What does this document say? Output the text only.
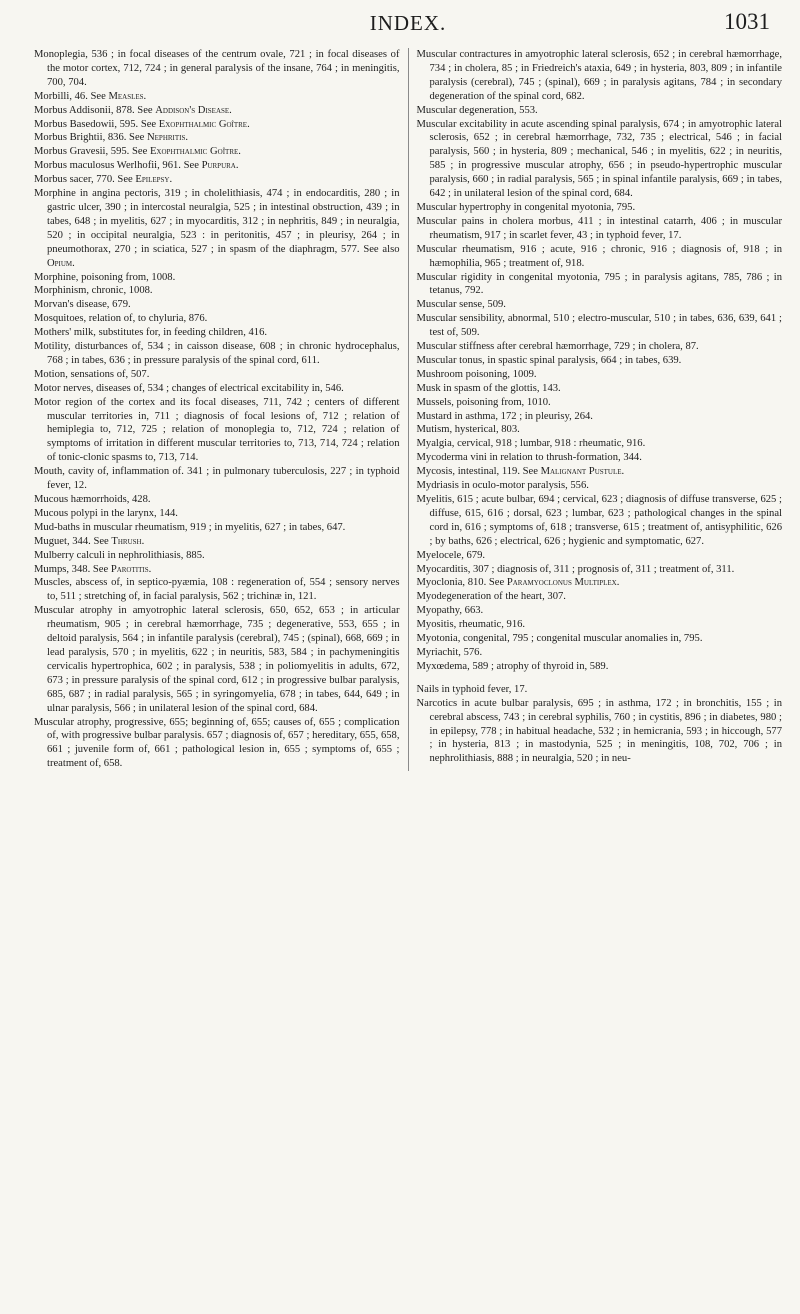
INDEX.	1031

Monoplegia, 536 ; in focal diseases of the centrum ovale, 721 ; in focal diseases of the motor cortex, 712, 724 ; in general paralysis of the insane, 764 ; in meningitis, 700, 704.

Morbilli, 46. See Measles.

Morbus Addisonii, 878. See Addison's Disease.

Morbus Basedowii, 595. See Exophthalmic Goître.

Morbus Brightii, 836. See Nephritis.

Morbus Gravesii, 595. See Exophthalmic Goître.

Morbus maculosus Werlhofii, 961. See Purpura.

Morbus sacer, 770. See Epilepsy.

Morphine in angina pectoris, 319 ; in cholelithiasis, 474 ; in endocarditis, 280 ; in gastric ulcer, 390 ; in intercostal neuralgia, 525 ; in intestinal obstruction, 439 ; in tabes, 648 ; in myelitis, 627 ; in myocarditis, 312 ; in nephritis, 849 ; in neuralgia, 520 ; in occipital neuralgia, 523 : in peritonitis, 457 ; in pleurisy, 264 ; in pneumothorax, 270 ; in sciatica, 527 ; in spasm of the diaphragm, 577. See also Opium.

Morphine, poisoning from, 1008.

Morphinism, chronic, 1008.

Morvan's disease, 679.

Mosquitoes, relation of, to chyluria, 876.

Mothers' milk, substitutes for, in feeding children, 416.

Motility, disturbances of, 534 ; in caisson disease, 608 ; in chronic hydrocephalus, 768 ; in tabes, 636 ; in pressure paralysis of the spinal cord, 611.

Motion, sensations of, 507.

Motor nerves, diseases of, 534 ; changes of electrical excitability in, 546.

Motor region of the cortex and its focal diseases, 711, 742 ; centers of different muscular territories in, 711 ; diagnosis of focal lesions of, 712 ; relation of hemiplegia to, 712, 725 ; relation of monoplegia to, 712, 724 ; relation of symptoms of irritation in different muscular territories to, 713, 714, 724 ; relation of tonic-clonic spasms to, 713, 714.

Mouth, cavity of, inflammation of. 341 ; in pulmonary tuberculosis, 227 ; in typhoid fever, 12.

Mucous hæmorrhoids, 428.

Mucous polypi in the larynx, 144.

Mud-baths in muscular rheumatism, 919 ; in myelitis, 627 ; in tabes, 647.

Muguet, 344. See Thrush.

Mulberry calculi in nephrolithiasis, 885.

Mumps, 348. See Parotitis.

Muscles, abscess of, in septico-pyæmia, 108 : regeneration of, 554 ; sensory nerves to, 511 ; stretching of, in facial paralysis, 562 ; trichinæ in, 121.

Muscular atrophy in amyotrophic lateral sclerosis, 650, 652, 653 ; in articular rheumatism, 905 ; in cerebral hæmorrhage, 735 ; degenerative, 553, 655 ; in deltoid paralysis, 564 ; in infantile paralysis (cerebral), 745 ; (spinal), 668, 669 ; in lead paralysis, 570 ; in myelitis, 622 ; in neuritis, 583, 584 ; in pachymeningitis cervicalis hypertrophica, 602 ; in paralysis, 538 ; in poliomyelitis in adults, 672, 673 ; in pressure paralysis of the spinal cord, 612 ; in progressive bulbar paralysis, 685, 687 ; in radial paralysis, 565 ; in syringomyelia, 678 ; in tabes, 644, 649 ; in ulnar paralysis, 566 ; in unilateral lesion of the spinal cord, 684.

Muscular atrophy, progressive, 655; beginning of, 655; causes of, 655 ; complication of, with progressive bulbar paralysis. 657 ; diagnosis of, 657 ; hereditary, 655, 658, 661 ; juvenile form of, 661 ; pathological lesion in, 655 ; symptoms of, 655 ; treatment of, 658.

Muscular contractures in amyotrophic lateral sclerosis, 652 ; in cerebral hæmorrhage, 734 ; in cholera, 85 ; in Friedreich's ataxia, 649 ; in hysteria, 803, 809 ; in infantile paralysis (cerebral), 745 ; (spinal), 669 ; in paralysis agitans, 784 ; in secondary degeneration of the spinal cord, 682.

Muscular degeneration, 553.

Muscular excitability in acute ascending spinal paralysis, 674 ; in amyotrophic lateral sclerosis, 652 ; in cerebral hæmorrhage, 732, 735 ; electrical, 546 ; in facial paralysis, 560 ; in hysteria, 809 ; mechanical, 546 ; in myelitis, 622 ; in neuritis, 585 ; in progressive muscular atrophy, 656 ; in pseudo-hypertrophic muscular paralysis, 660 ; in radial paralysis, 565 ; in spinal infantile paralysis, 669 ; in tabes, 642 ; in unilateral lesion of the spinal cord, 684.

Muscular hypertrophy in congenital myotonia, 795.

Muscular pains in cholera morbus, 411 ; in intestinal catarrh, 406 ; in muscular rheumatism, 917 ; in scarlet fever, 43 ; in typhoid fever, 17.

Muscular rheumatism, 916 ; acute, 916 ; chronic, 916 ; diagnosis of, 918 ; in hæmophilia, 965 ; treatment of, 918.

Muscular rigidity in congenital myotonia, 795 ; in paralysis agitans, 785, 786 ; in tetanus, 792.

Muscular sense, 509.

Muscular sensibility, abnormal, 510 ; electro-muscular, 510 ; in tabes, 636, 639, 641 ; test of, 509.

Muscular stiffness after cerebral hæmorrhage, 729 ; in cholera, 87.

Muscular tonus, in spastic spinal paralysis, 664 ; in tabes, 639.

Mushroom poisoning, 1009.

Musk in spasm of the glottis, 143.

Mussels, poisoning from, 1010.

Mustard in asthma, 172 ; in pleurisy, 264.

Mutism, hysterical, 803.

Myalgia, cervical, 918 ; lumbar, 918 : rheumatic, 916.

Mycoderma vini in relation to thrush-formation, 344.

Mycosis, intestinal, 119. See Malignant Pustule.

Mydriasis in oculo-motor paralysis, 556.

Myelitis, 615 ; acute bulbar, 694 ; cervical, 623 ; diagnosis of diffuse transverse, 625 ; diffuse, 615, 616 ; dorsal, 623 ; lumbar, 623 ; pathological changes in the spinal cord in, 616 ; symptoms of, 618 ; transverse, 615 ; treatment of, antisyphilitic, 626 ; by baths, 626 ; electrical, 626 ; hygienic and symptomatic, 627.

Myelocele, 679.

Myocarditis, 307 ; diagnosis of, 311 ; prognosis of, 311 ; treatment of, 311.

Myoclonia, 810. See Paramyoclonus Multiplex.

Myodegeneration of the heart, 307.

Myopathy, 663.

Myositis, rheumatic, 916.

Myotonia, congenital, 795 ; congenital muscular anomalies in, 795.

Myriachit, 576.

Myxœdema, 589 ; atrophy of thyroid in, 589.

Nails in typhoid fever, 17.

Narcotics in acute bulbar paralysis, 695 ; in asthma, 172 ; in bronchitis, 155 ; in cerebral abscess, 743 ; in cerebral syphilis, 760 ; in cystitis, 896 ; in diabetes, 980 ; in epilepsy, 778 ; in habitual headache, 532 ; in hemicrania, 593 ; in hiccough, 577 ; in hysteria, 813 ; in mastodynia, 525 ; in meningitis, 108, 702, 706 ; in nephrolithiasis, 888 ; in neuralgia, 520 ; in neu-
